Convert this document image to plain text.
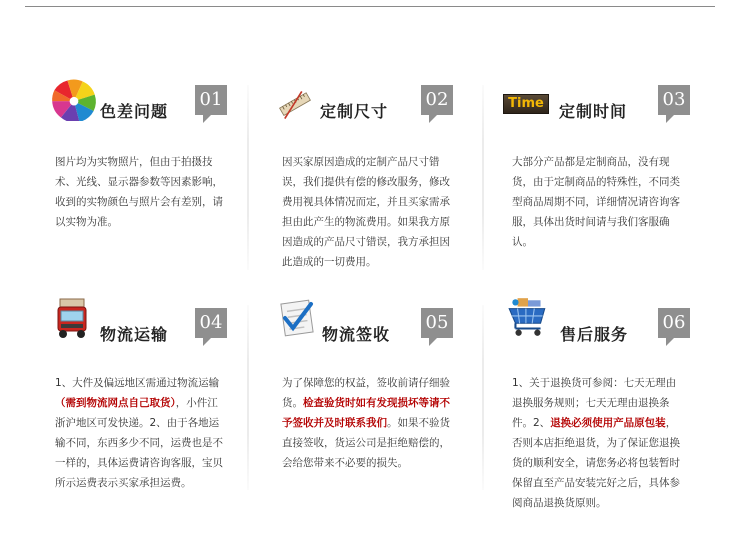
色差问题
01
图片均为实物照片，但由于拍摄技术、光线、显示器参数等因素影响，收到的实物颜色与照片会有差别，请以实物为准。
定制尺寸
02
因买家原因造成的定制产品尺寸错误，我们提供有偿的修改服务，修改费用视具体情况而定，并且买家需承担由此产生的物流费用。如果我方原因造成的产品尺寸错误，我方承担因此造成的一切费用。
Time 定制时间
03
大部分产品都是定制商品，没有现货，由于定制商品的特殊性，不同类型商品周期不同，详细情况请咨询客服，具体出货时间请与我们客服确认。
物流运输
04
1、大件及偏远地区需通过物流运输（需到物流网点自己取货），小件江浙沪地区可发快递。2、由于各地运输不同，东西多少不同，运费也是不一样的，具体运费请咨询客服，宝贝所示运费表示买家承担运费。
物流签收
05
为了保障您的权益，签收前请仔细验货。检查验货时如有发现损坏等请不予签收并及时联系我们。如果不验货直接签收，货运公司是拒绝赔偿的，会给您带来不必要的损失。
售后服务
06
1、关于退换货可参阅：七天无理由退换服务规则；七天无理由退换条件。2、退换必须使用产品原包装，否则本店拒绝退货，为了保证您退换货的顺利安全，请您务必将包装暂时保留直至产品安装完好之后，具体参阅商品退换货原则。
